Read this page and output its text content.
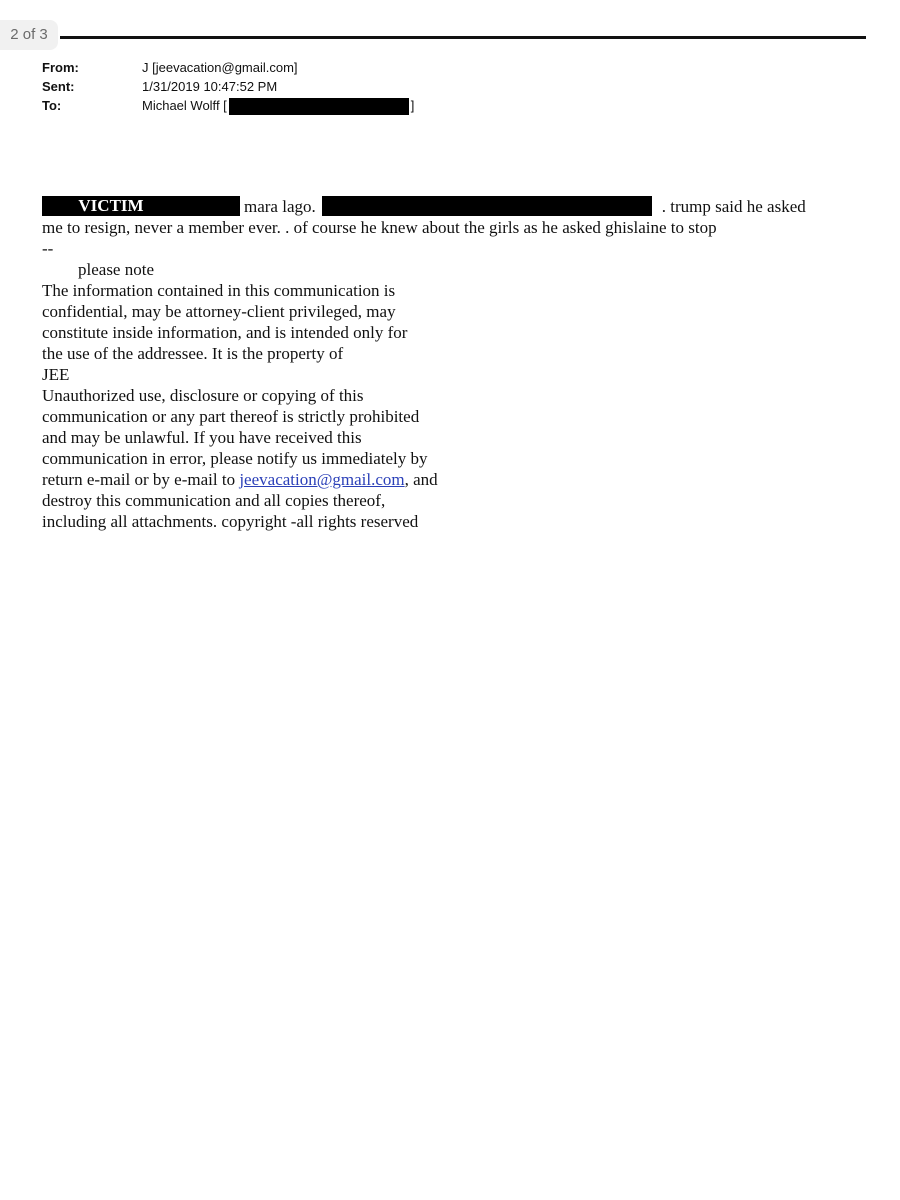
2 of 3
From:	J [jeevacation@gmail.com]
Sent:	1/31/2019 10:47:52 PM
To:	Michael Wolff [	]
VICTIM	mara lago.	. trump said he asked
me to resign, never a member ever. . of course he knew about the girls as he asked ghislaine to stop
--
please note
The information contained in this communication is
confidential, may be attorney-client privileged, may
constitute inside information, and is intended only for
the use of the addressee. It is the property of
JEE
Unauthorized use, disclosure or copying of this
communication or any part thereof is strictly prohibited
and may be unlawful. If you have received this
communication in error, please notify us immediately by
return e-mail or by e-mail to jeevacation@gmail.com, and
destroy this communication and all copies thereof,
including all attachments. copyright -all rights reserved
